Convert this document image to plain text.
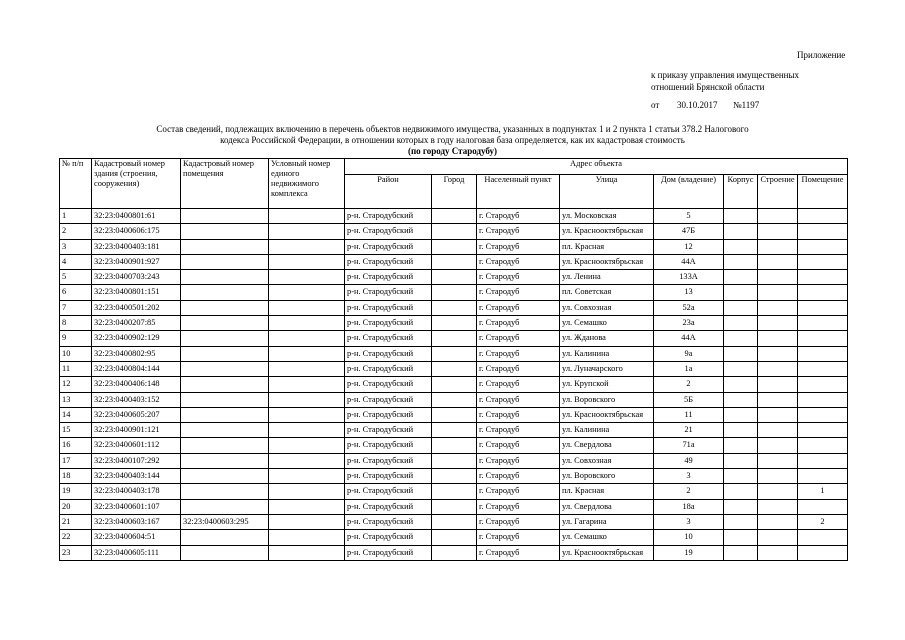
Приложение
к приказу управления имущественных
отношений Брянской области
от 30.10.2017 №1197
Состав сведений, подлежащих включению в перечень объектов недвижимого имущества, указанных в подпунктах 1 и 2 пункта 1 статьи 378.2 Налогового
кодекса Российской Федерации, в отношении которых в году налоговая база определяется, как их кадастровая стоимость
(по городу Стародубу)
№ п/п	Кадастровый номер здания (строения, сооружения)	Кадастровый номер помещения	Условный номер единого недвижимого комплекса	Адрес объекта							
				Район	Город	Населенный пункт	Улица	Дом (владение)	Корпус	Строение	Помещение
1	32:23:0400801:61			р-н. Стародубский		г. Стародуб	ул. Московская	5			
2	32:23:0400606:175			р-н. Стародубский		г. Стародуб	ул. Краснооктябрьская	47Б			
3	32:23:0400403:181			р-н. Стародубский		г. Стародуб	пл. Красная	12			
4	32:23:0400901:927			р-н. Стародубский		г. Стародуб	ул. Краснооктябрьская	44А			
5	32:23:0400703:243			р-н. Стародубский		г. Стародуб	ул. Ленина	133А			
6	32:23:0400801:151			р-н. Стародубский		г. Стародуб	пл. Советская	13			
7	32:23:0400501:202			р-н. Стародубский		г. Стародуб	ул. Совхозная	52а			
8	32:23:0400207:85			р-н. Стародубский		г. Стародуб	ул. Семашко	23а			
9	32:23:0400902:129			р-н. Стародубский		г. Стародуб	ул. Жданова	44А			
10	32:23:0400802:95			р-н. Стародубский		г. Стародуб	ул. Калинина	9а			
11	32:23:0400804:144			р-н. Стародубский		г. Стародуб	ул. Луначарского	1а			
12	32:23:0400406:148			р-н. Стародубский		г. Стародуб	ул. Крупской	2			
13	32:23:0400403:152			р-н. Стародубский		г. Стародуб	ул. Воровского	5Б			
14	32:23:0400605:207			р-н. Стародубский		г. Стародуб	ул. Краснооктябрьская	11			
15	32:23:0400901:121			р-н. Стародубский		г. Стародуб	ул. Калинина	21			
16	32:23:0400601:112			р-н. Стародубский		г. Стародуб	ул. Свердлова	71а			
17	32:23:0400107:292			р-н. Стародубский		г. Стародуб	ул. Совхозная	49			
18	32:23:0400403:144			р-н. Стародубский		г. Стародуб	ул. Воровского	3			
19	32:23:0400403:178			р-н. Стародубский		г. Стародуб	пл. Красная	2			1
20	32:23:0400601:107			р-н. Стародубский		г. Стародуб	ул. Свердлова	18а			
21	32:23:0400603:167	32:23:0400603:295		р-н. Стародубский		г. Стародуб	ул. Гагарина	3			2
22	32:23:0400604:51			р-н. Стародубский		г. Стародуб	ул. Семашко	10			
23	32:23:0400605:111			р-н. Стародубский		г. Стародуб	ул. Краснооктябрьская	19			
